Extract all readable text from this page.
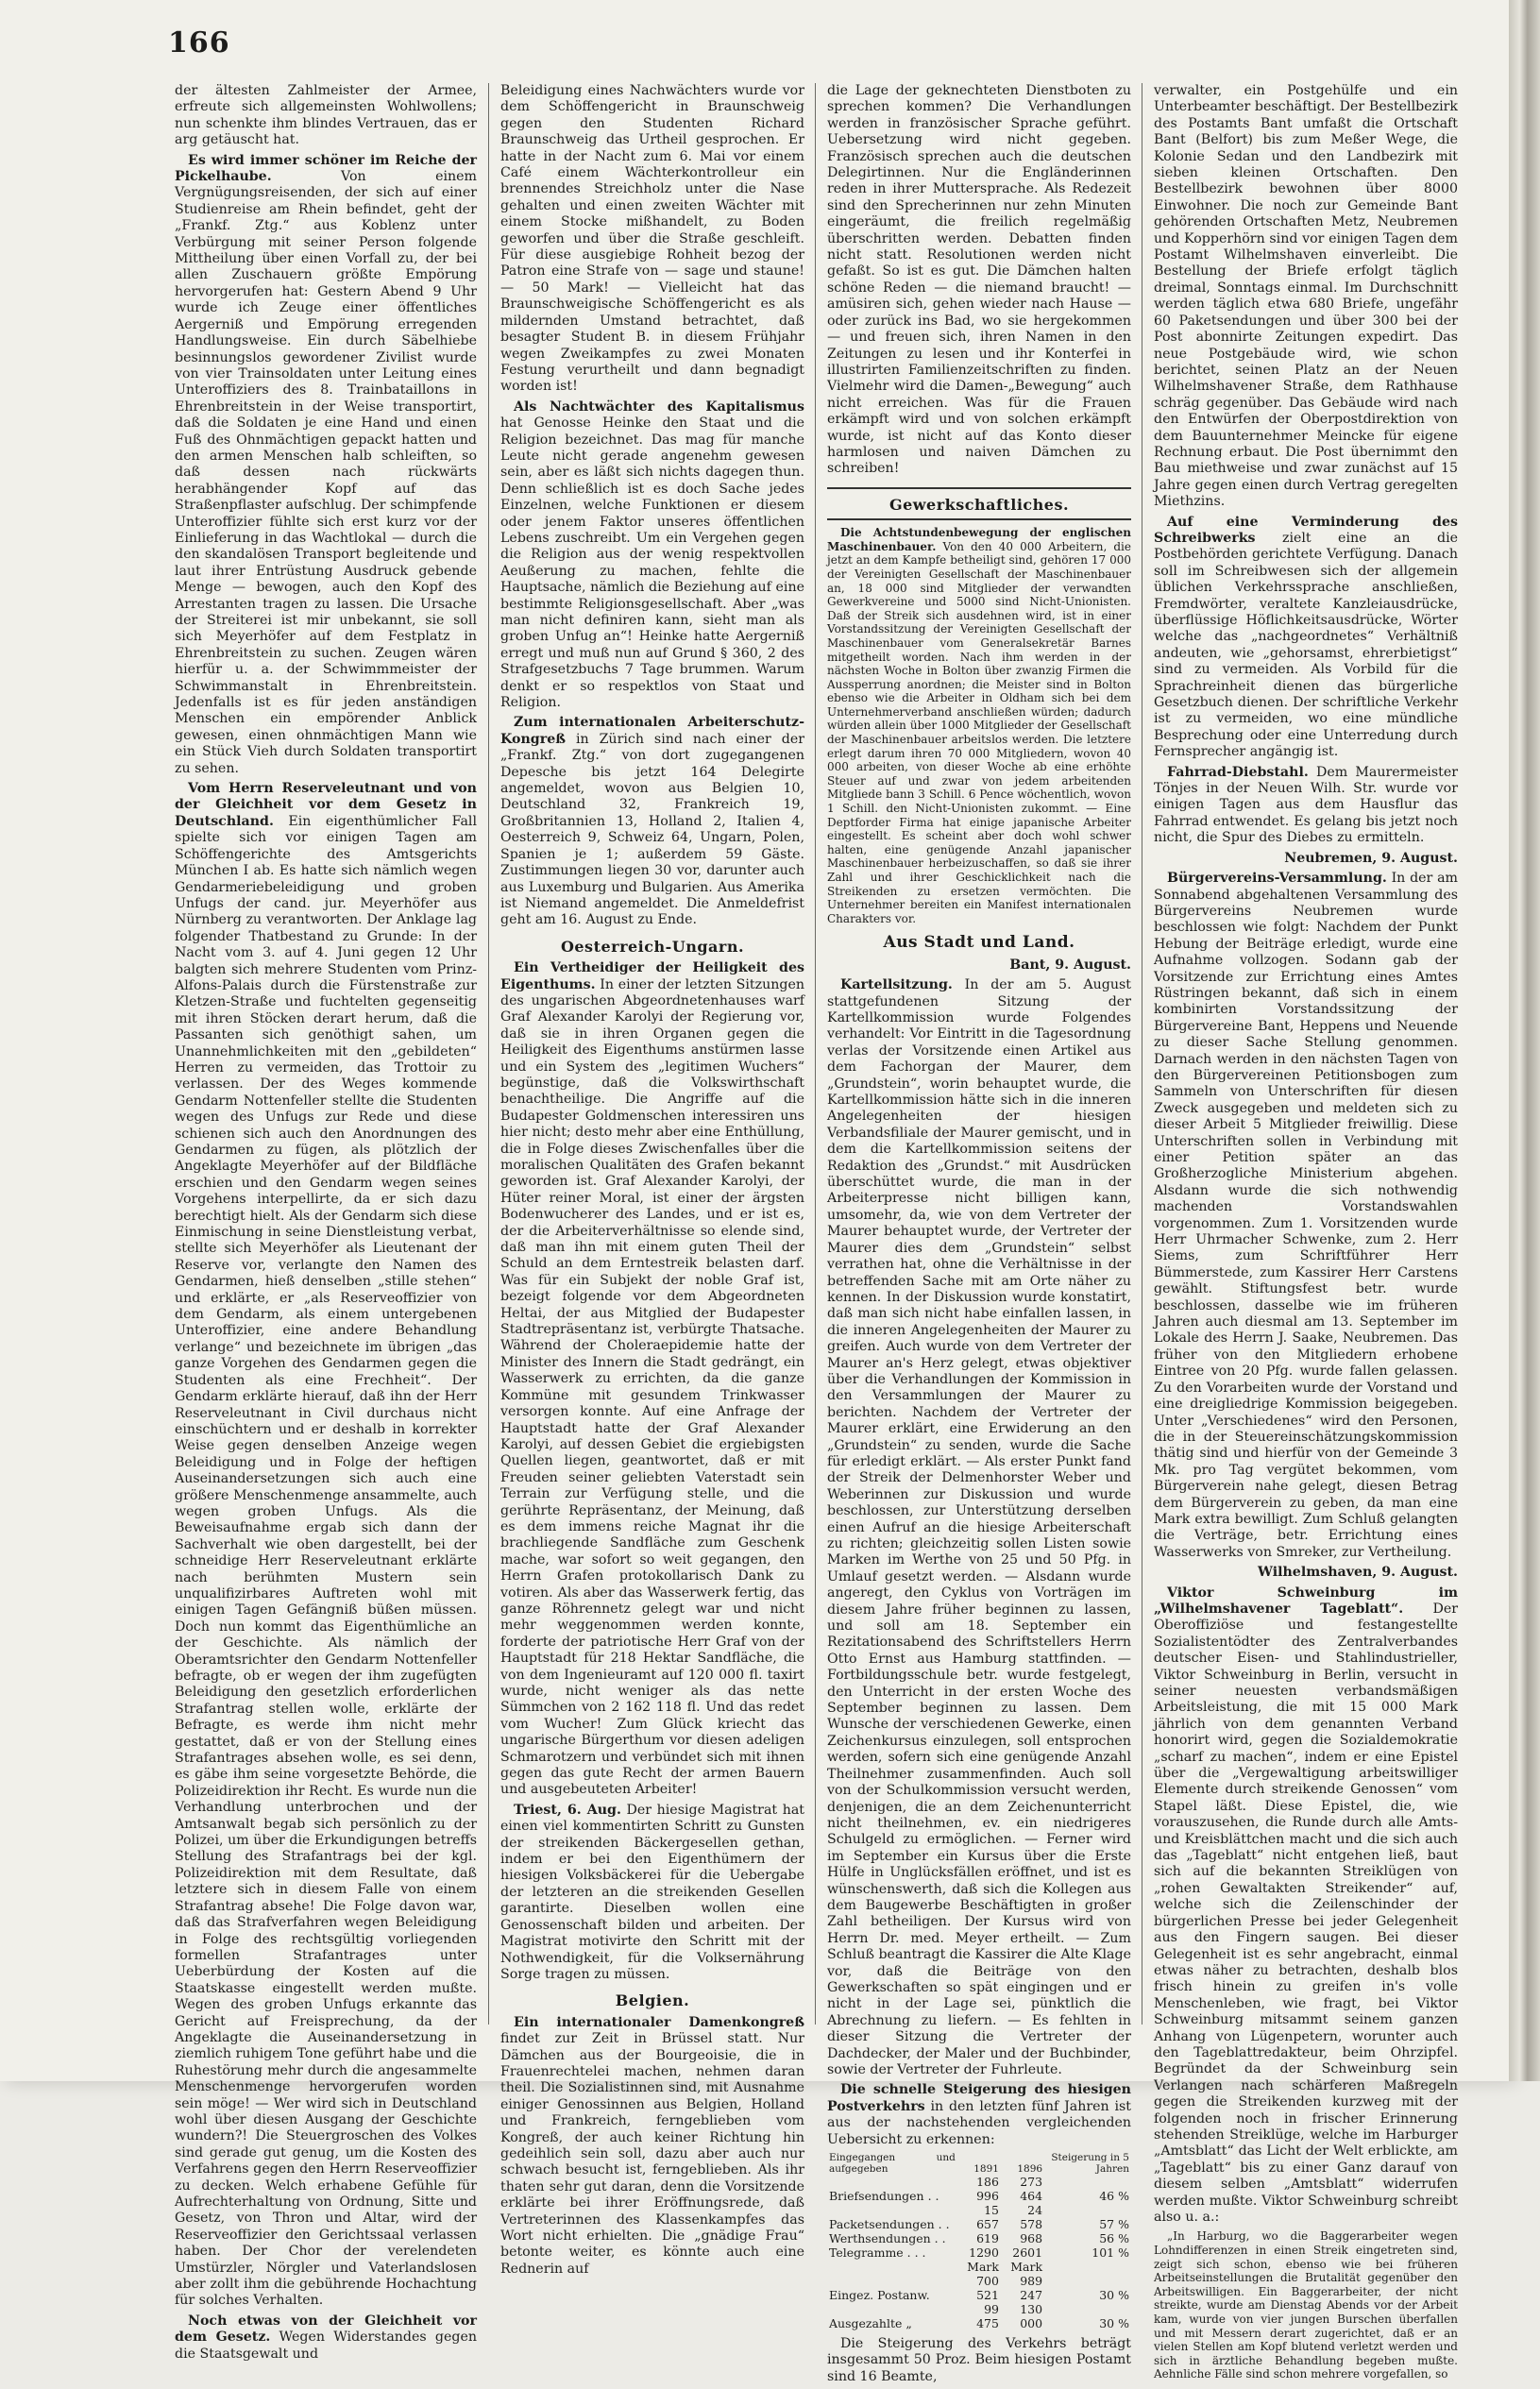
166

der ältesten Zahlmeister der Armee, erfreute sich allgemeinsten Wohlwollens; nun schenkte ihm blindes Vertrauen, das er arg getäuscht hat.

Es wird immer schöner im Reiche der Pickelhaube. Von einem Vergnügungsreisenden, der sich auf einer Studienreise am Rhein befindet, geht der „Frankf. Ztg.“ aus Koblenz unter Verbürgung mit seiner Person folgende Mittheilung über einen Vorfall zu, der bei allen Zuschauern größte Empörung hervorgerufen hat: Gestern Abend 9 Uhr wurde ich Zeuge einer öffentliches Aergerniß und Empörung erregenden Handlungsweise. Ein durch Säbelhiebe besinnungslos gewordener Zivilist wurde von vier Trainsoldaten unter Leitung eines Unteroffiziers des 8. Trainbataillons in Ehrenbreitstein in der Weise transportirt, daß die Soldaten je eine Hand und einen Fuß des Ohnmächtigen gepackt hatten und den armen Menschen halb schleiften, so daß dessen nach rückwärts herabhängender Kopf auf das Straßenpflaster aufschlug. Der schimpfende Unteroffizier fühlte sich erst kurz vor der Einlieferung in das Wachtlokal — durch die den skandalösen Transport begleitende und laut ihrer Entrüstung Ausdruck gebende Menge — bewogen, auch den Kopf des Arrestanten tragen zu lassen. Die Ursache der Streiterei ist mir unbekannt, sie soll sich Meyerhöfer auf dem Festplatz in Ehrenbreitstein zu suchen. Zeugen wären hierfür u. a. der Schwimmmeister der Schwimmanstalt in Ehrenbreitstein. Jedenfalls ist es für jeden anständigen Menschen ein empörender Anblick gewesen, einen ohnmächtigen Mann wie ein Stück Vieh durch Soldaten transportirt zu sehen.

Vom Herrn Reserveleutnant und von der Gleichheit vor dem Gesetz in Deutschland. Ein eigenthümlicher Fall spielte sich vor einigen Tagen am Schöffengerichte des Amtsgerichts München I ab. Es hatte sich nämlich wegen Gendarmeriebeleidigung und groben Unfugs der cand. jur. Meyerhöfer aus Nürnberg zu verantworten. Der Anklage lag folgender Thatbestand zu Grunde: In der Nacht vom 3. auf 4. Juni gegen 12 Uhr balgten sich mehrere Studenten vom Prinz-Alfons-Palais durch die Fürstenstraße zur Kletzen-Straße und fuchtelten gegenseitig mit ihren Stöcken derart herum, daß die Passanten sich genöthigt sahen, um Unannehmlichkeiten mit den „gebildeten“ Herren zu vermeiden, das Trottoir zu verlassen. Der des Weges kommende Gendarm Nottenfeller stellte die Studenten wegen des Unfugs zur Rede und diese schienen sich auch den Anordnungen des Gendarmen zu fügen, als plötzlich der Angeklagte Meyerhöfer auf der Bildfläche erschien und den Gendarm wegen seines Vorgehens interpellirte, da er sich dazu berechtigt hielt. Als der Gendarm sich diese Einmischung in seine Dienstleistung verbat, stellte sich Meyerhöfer als Lieutenant der Reserve vor, verlangte den Namen des Gendarmen, hieß denselben „stille stehen“ und erklärte, er „als Reserveoffizier von dem Gendarm, als einem untergebenen Unteroffizier, eine andere Behandlung verlange“ und bezeichnete im übrigen „das ganze Vorgehen des Gendarmen gegen die Studenten als eine Frechheit“. Der Gendarm erklärte hierauf, daß ihn der Herr Reserveleutnant in Civil durchaus nicht einschüchtern und er deshalb in korrekter Weise gegen denselben Anzeige wegen Beleidigung und in Folge der heftigen Auseinandersetzungen sich auch eine größere Menschenmenge ansammelte, auch wegen groben Unfugs. Als die Beweisaufnahme ergab sich dann der Sachverhalt wie oben dargestellt, bei der schneidige Herr Reserveleutnant erklärte nach berühmten Mustern sein unqualifizirbares Auftreten wohl mit einigen Tagen Gefängniß büßen müssen. Doch nun kommt das Eigenthümliche an der Geschichte. Als nämlich der Oberamtsrichter den Gendarm Nottenfeller befragte, ob er wegen der ihm zugefügten Beleidigung den gesetzlich erforderlichen Strafantrag stellen wolle, erklärte der Befragte, es werde ihm nicht mehr gestattet, daß er von der Stellung eines Strafantrages absehen wolle, es sei denn, es gäbe ihm seine vorgesetzte Behörde, die Polizeidirektion ihr Recht. Es wurde nun die Verhandlung unterbrochen und der Amtsanwalt begab sich persönlich zu der Polizei, um über die Erkundigungen betreffs Stellung des Strafantrags bei der kgl. Polizeidirektion mit dem Resultate, daß letztere sich in diesem Falle von einem Strafantrag absehe! Die Folge davon war, daß das Strafverfahren wegen Beleidigung in Folge des rechtsgültig vorliegenden formellen Strafantrages unter Ueberbürdung der Kosten auf die Staatskasse eingestellt werden mußte. Wegen des groben Unfugs erkannte das Gericht auf Freisprechung, da der Angeklagte die Auseinandersetzung in ziemlich ruhigem Tone geführt habe und die Ruhestörung mehr durch die angesammelte Menschenmenge hervorgerufen worden sein möge! — Wer wird sich in Deutschland wohl über diesen Ausgang der Geschichte wundern?! Die Steuergroschen des Volkes sind gerade gut genug, um die Kosten des Verfahrens gegen den Herrn Reserveoffizier zu decken. Welch erhabene Gefühle für Aufrechterhaltung von Ordnung, Sitte und Gesetz, von Thron und Altar, wird der Reserveoffizier den Gerichtssaal verlassen haben. Der Chor der verelendeten Umstürzler, Nörgler und Vaterlandslosen aber zollt ihm die gebührende Hochachtung für solches Verhalten.

Noch etwas von der Gleichheit vor dem Gesetz. Wegen Widerstandes gegen die Staatsgewalt und

Beleidigung eines Nachwächters wurde vor dem Schöffengericht in Braunschweig gegen den Studenten Richard Braunschweig das Urtheil gesprochen. Er hatte in der Nacht zum 6. Mai vor einem Café einem Wächterkontrolleur ein brennendes Streichholz unter die Nase gehalten und einen zweiten Wächter mit einem Stocke mißhandelt, zu Boden geworfen und über die Straße geschleift. Für diese ausgiebige Rohheit bezog der Patron eine Strafe von — sage und staune! — 50 Mark! — Vielleicht hat das Braunschweigische Schöffengericht es als mildernden Umstand betrachtet, daß besagter Student B. in diesem Frühjahr wegen Zweikampfes zu zwei Monaten Festung verurtheilt und dann begnadigt worden ist!

Als Nachtwächter des Kapitalismus hat Genosse Heinke den Staat und die Religion bezeichnet. Das mag für manche Leute nicht gerade angenehm gewesen sein, aber es läßt sich nichts dagegen thun. Denn schließlich ist es doch Sache jedes Einzelnen, welche Funktionen er diesem oder jenem Faktor unseres öffentlichen Lebens zuschreibt. Um ein Vergehen gegen die Religion aus der wenig respektvollen Aeußerung zu machen, fehlte die Hauptsache, nämlich die Beziehung auf eine bestimmte Religionsgesellschaft. Aber „was man nicht definiren kann, sieht man als groben Unfug an“! Heinke hatte Aergerniß erregt und muß nun auf Grund § 360, 2 des Strafgesetzbuchs 7 Tage brummen. Warum denkt er so respektlos von Staat und Religion.

Zum internationalen Arbeiterschutz-Kongreß in Zürich sind nach einer der „Frankf. Ztg.“ von dort zugegangenen Depesche bis jetzt 164 Delegirte angemeldet, wovon aus Belgien 10, Deutschland 32, Frankreich 19, Großbritannien 13, Holland 2, Italien 4, Oesterreich 9, Schweiz 64, Ungarn, Polen, Spanien je 1; außerdem 59 Gäste. Zustimmungen liegen 30 vor, darunter auch aus Luxemburg und Bulgarien. Aus Amerika ist Niemand angemeldet. Die Anmeldefrist geht am 16. August zu Ende.

Oesterreich-Ungarn.

Ein Vertheidiger der Heiligkeit des Eigenthums. In einer der letzten Sitzungen des ungarischen Abgeordnetenhauses warf Graf Alexander Karolyi der Regierung vor, daß sie in ihren Organen gegen die Heiligkeit des Eigenthums anstürmen lasse und ein System des „legitimen Wuchers“ begünstige, daß die Volkswirthschaft benachtheilige. Die Angriffe auf die Budapester Goldmenschen interessiren uns hier nicht; desto mehr aber eine Enthüllung, die in Folge dieses Zwischenfalles über die moralischen Qualitäten des Grafen bekannt geworden ist. Graf Alexander Karolyi, der Hüter reiner Moral, ist einer der ärgsten Bodenwucherer des Landes, und er ist es, der die Arbeiterverhältnisse so elende sind, daß man ihn mit einem guten Theil der Schuld an dem Erntestreik belasten darf. Was für ein Subjekt der noble Graf ist, bezeigt folgende vor dem Abgeordneten Heltai, der aus Mitglied der Budapester Stadtrepräsentanz ist, verbürgte Thatsache. Während der Choleraepidemie hatte der Minister des Innern die Stadt gedrängt, ein Wasserwerk zu errichten, da die ganze Kommüne mit gesundem Trinkwasser versorgen konnte. Auf eine Anfrage der Hauptstadt hatte der Graf Alexander Karolyi, auf dessen Gebiet die ergiebigsten Quellen liegen, geantwortet, daß er mit Freuden seiner geliebten Vaterstadt sein Terrain zur Verfügung stelle, und die gerührte Repräsentanz, der Meinung, daß es dem immens reiche Magnat ihr die brachliegende Sandfläche zum Geschenk mache, war sofort so weit gegangen, den Herrn Grafen protokollarisch Dank zu votiren. Als aber das Wasserwerk fertig, das ganze Röhrennetz gelegt war und nicht mehr weggenommen werden konnte, forderte der patriotische Herr Graf von der Hauptstadt für 218 Hektar Sandfläche, die von dem Ingenieuramt auf 120 000 fl. taxirt wurde, nicht weniger als das nette Sümmchen von 2 162 118 fl. Und das redet vom Wucher! Zum Glück kriecht das ungarische Bürgerthum vor diesen adeligen Schmarotzern und verbündet sich mit ihnen gegen das gute Recht der armen Bauern und ausgebeuteten Arbeiter!

Triest, 6. Aug. Der hiesige Magistrat hat einen viel kommentirten Schritt zu Gunsten der streikenden Bäckergesellen gethan, indem er bei den Eigenthümern der hiesigen Volksbäckerei für die Uebergabe der letzteren an die streikenden Gesellen garantirte. Dieselben wollen eine Genossenschaft bilden und arbeiten. Der Magistrat motivirte den Schritt mit der Nothwendigkeit, für die Volksernährung Sorge tragen zu müssen.

Belgien.

Ein internationaler Damenkongreß findet zur Zeit in Brüssel statt. Nur Dämchen aus der Bourgeoisie, die in Frauenrechtelei machen, nehmen daran theil. Die Sozialistinnen sind, mit Ausnahme einiger Genossinnen aus Belgien, Holland und Frankreich, ferngeblieben vom Kongreß, der auch keiner Richtung hin gedeihlich sein soll, dazu aber auch nur schwach besucht ist, ferngeblieben. Als ihr thaten sehr gut daran, denn die Vorsitzende erklärte bei ihrer Eröffnungsrede, daß Vertreterinnen des Klassenkampfes das Wort nicht erhielten. Die „gnädige Frau“ betonte weiter, es könnte auch eine Rednerin auf

die Lage der geknechteten Dienstboten zu sprechen kommen? Die Verhandlungen werden in französischer Sprache geführt. Uebersetzung wird nicht gegeben. Französisch sprechen auch die deutschen Delegirtinnen. Nur die Engländerinnen reden in ihrer Muttersprache. Als Redezeit sind den Sprecherinnen nur zehn Minuten eingeräumt, die freilich regelmäßig überschritten werden. Debatten finden nicht statt. Resolutionen werden nicht gefaßt. So ist es gut. Die Dämchen halten schöne Reden — die niemand braucht! — amüsiren sich, gehen wieder nach Hause — oder zurück ins Bad, wo sie hergekommen — und freuen sich, ihren Namen in den Zeitungen zu lesen und ihr Konterfei in illustrirten Familienzeitschriften zu finden. Vielmehr wird die Damen-„Bewegung“ auch nicht erreichen. Was für die Frauen erkämpft wird und von solchen erkämpft wurde, ist nicht auf das Konto dieser harmlosen und naiven Dämchen zu schreiben!

Gewerkschaftliches.

Die Achtstundenbewegung der englischen Maschinenbauer. Von den 40 000 Arbeitern, die jetzt an dem Kampfe betheiligt sind, gehören 17 000 der Vereinigten Gesellschaft der Maschinenbauer an, 18 000 sind Mitglieder der verwandten Gewerkvereine und 5000 sind Nicht-Unionisten. Daß der Streik sich ausdehnen wird, ist in einer Vorstandssitzung der Vereinigten Gesellschaft der Maschinenbauer vom Generalsekretär Barnes mitgetheilt worden. Nach ihm werden in der nächsten Woche in Bolton über zwanzig Firmen die Aussperrung anordnen; die Meister sind in Bolton ebenso wie die Arbeiter in Oldham sich bei dem Unternehmerverband anschließen würden; dadurch würden allein über 1000 Mitglieder der Gesellschaft der Maschinenbauer arbeitslos werden. Die letztere erlegt darum ihren 70 000 Mitgliedern, wovon 40 000 arbeiten, von dieser Woche ab eine erhöhte Steuer auf und zwar von jedem arbeitenden Mitgliede bann 3 Schill. 6 Pence wöchentlich, wovon 1 Schill. den Nicht-Unionisten zukommt. — Eine Deptforder Firma hat einige japanische Arbeiter eingestellt. Es scheint aber doch wohl schwer halten, eine genügende Anzahl japanischer Maschinenbauer herbeizuschaffen, so daß sie ihrer Zahl und ihrer Geschicklichkeit nach die Streikenden zu ersetzen vermöchten. Die Unternehmer bereiten ein Manifest internationalen Charakters vor.

Aus Stadt und Land.
Bant, 9. August.

Kartellsitzung. In der am 5. August stattgefundenen Sitzung der Kartellkommission wurde Folgendes verhandelt: Vor Eintritt in die Tagesordnung verlas der Vorsitzende einen Artikel aus dem Fachorgan der Maurer, dem „Grundstein“, worin behauptet wurde, die Kartellkommission hätte sich in die inneren Angelegenheiten der hiesigen Verbandsfiliale der Maurer gemischt, und in dem die Kartellkommission seitens der Redaktion des „Grundst.“ mit Ausdrücken überschüttet wurde, die man in der Arbeiterpresse nicht billigen kann, umsomehr, da, wie von dem Vertreter der Maurer behauptet wurde, der Vertreter der Maurer dies dem „Grundstein“ selbst verrathen hat, ohne die Verhältnisse in der betreffenden Sache mit am Orte näher zu kennen. In der Diskussion wurde konstatirt, daß man sich nicht habe einfallen lassen, in die inneren Angelegenheiten der Maurer zu greifen. Auch wurde von dem Vertreter der Maurer an's Herz gelegt, etwas objektiver über die Verhandlungen der Kommission in den Versammlungen der Maurer zu berichten. Nachdem der Vertreter der Maurer erklärt, eine Erwiderung an den „Grundstein“ zu senden, wurde die Sache für erledigt erklärt. — Als erster Punkt fand der Streik der Delmenhorster Weber und Weberinnen zur Diskussion und wurde beschlossen, zur Unterstützung derselben einen Aufruf an die hiesige Arbeiterschaft zu richten; gleichzeitig sollen Listen sowie Marken im Werthe von 25 und 50 Pfg. in Umlauf gesetzt werden. — Alsdann wurde angeregt, den Cyklus von Vorträgen im diesem Jahre früher beginnen zu lassen, und soll am 18. September ein Rezitationsabend des Schriftstellers Herrn Otto Ernst aus Hamburg stattfinden. — Fortbildungsschule betr. wurde festgelegt, den Unterricht in der ersten Woche des September beginnen zu lassen. Dem Wunsche der verschiedenen Gewerke, einen Zeichenkursus einzulegen, soll entsprochen werden, sofern sich eine genügende Anzahl Theilnehmer zusammenfinden. Auch soll von der Schulkommission versucht werden, denjenigen, die an dem Zeichenunterricht nicht theilnehmen, ev. ein niedrigeres Schulgeld zu ermöglichen. — Ferner wird im September ein Kursus über die Erste Hülfe in Unglücksfällen eröffnet, und ist es wünschenswerth, daß sich die Kollegen aus dem Baugewerbe Beschäftigten in großer Zahl betheiligen. Der Kursus wird von Herrn Dr. med. Meyer ertheilt. — Zum Schluß beantragt die Kassirer die Alte Klage vor, daß die Beiträge von den Gewerkschaften so spät eingingen und er nicht in der Lage sei, pünktlich die Abrechnung zu liefern. — Es fehlten in dieser Sitzung die Vertreter der Dachdecker, der Maler und der Buchbinder, sowie der Vertreter der Fuhrleute.

Die schnelle Steigerung des hiesigen Postverkehrs in den letzten fünf Jahren ist aus der nachstehenden vergleichenden Uebersicht zu erkennen:

Eingegangen und aufgegeben	1891	1896	Steigerung in 5 Jahren
Briefsendungen . .	186 996	273 464	46 %
Packetsendungen . .	15 657	24 578	57 %
Werthsendungen . .	619	968	56 %
Telegramme . . .	1290	2601	101 %
	Mark	Mark	
Eingez. Postanw.	700 521	989 247	30 %
Ausgezahlte „	99 475	130 000	30 %

Die Steigerung des Verkehrs beträgt insgesammt 50 Proz. Beim hiesigen Postamt sind 16 Beamte,

verwalter, ein Postgehülfe und ein Unterbeamter beschäftigt. Der Bestellbezirk des Postamts Bant umfaßt die Ortschaft Bant (Belfort) bis zum Meßer Wege, die Kolonie Sedan und den Landbezirk mit sieben kleinen Ortschaften. Den Bestellbezirk bewohnen über 8000 Einwohner. Die noch zur Gemeinde Bant gehörenden Ortschaften Metz, Neubremen und Kopperhörn sind vor einigen Tagen dem Postamt Wilhelmshaven einverleibt. Die Bestellung der Briefe erfolgt täglich dreimal, Sonntags einmal. Im Durchschnitt werden täglich etwa 680 Briefe, ungefähr 60 Paketsendungen und über 300 bei der Post abonnirte Zeitungen expedirt. Das neue Postgebäude wird, wie schon berichtet, seinen Platz an der Neuen Wilhelmshavener Straße, dem Rathhause schräg gegenüber. Das Gebäude wird nach den Entwürfen der Oberpostdirektion von dem Bauunternehmer Meincke für eigene Rechnung erbaut. Die Post übernimmt den Bau miethweise und zwar zunächst auf 15 Jahre gegen einen durch Vertrag geregelten Miethzins.

Auf eine Verminderung des Schreibwerks zielt eine an die Postbehörden gerichtete Verfügung. Danach soll im Schreibwesen sich der allgemein üblichen Verkehrssprache anschließen, Fremdwörter, veraltete Kanzleiausdrücke, überflüssige Höflichkeitsausdrücke, Wörter welche das „nachgeordnetes“ Verhältniß andeuten, wie „gehorsamst, ehrerbietigst“ sind zu vermeiden. Als Vorbild für die Sprachreinheit dienen das bürgerliche Gesetzbuch dienen. Der schriftliche Verkehr ist zu vermeiden, wo eine mündliche Besprechung oder eine Unterredung durch Fernsprecher angängig ist.

Fahrrad-Diebstahl. Dem Maurermeister Tönjes in der Neuen Wilh. Str. wurde vor einigen Tagen aus dem Hausflur das Fahrrad entwendet. Es gelang bis jetzt noch nicht, die Spur des Diebes zu ermitteln.

Neubremen, 9. August.

Bürgervereins-Versammlung. In der am Sonnabend abgehaltenen Versammlung des Bürgervereins Neubremen wurde beschlossen wie folgt: Nachdem der Punkt Hebung der Beiträge erledigt, wurde eine Aufnahme vollzogen. Sodann gab der Vorsitzende zur Errichtung eines Amtes Rüstringen bekannt, daß sich in einem kombinirten Vorstandssitzung der Bürgervereine Bant, Heppens und Neuende zu dieser Sache Stellung genommen. Darnach werden in den nächsten Tagen von den Bürgervereinen Petitionsbogen zum Sammeln von Unterschriften für diesen Zweck ausgegeben und meldeten sich zu dieser Arbeit 5 Mitglieder freiwillig. Diese Unterschriften sollen in Verbindung mit einer Petition später an das Großherzogliche Ministerium abgehen. Alsdann wurde die sich nothwendig machenden Vorstandswahlen vorgenommen. Zum 1. Vorsitzenden wurde Herr Uhrmacher Schwenke, zum 2. Herr Siems, zum Schriftführer Herr Bümmerstede, zum Kassirer Herr Carstens gewählt. Stiftungsfest betr. wurde beschlossen, dasselbe wie im früheren Jahren auch diesmal am 13. September im Lokale des Herrn J. Saake, Neubremen. Das früher von den Mitgliedern erhobene Eintree von 20 Pfg. wurde fallen gelassen. Zu den Vorarbeiten wurde der Vorstand und eine dreigliedrige Kommission beigegeben. Unter „Verschiedenes“ wird den Personen, die in der Steuereinschätzungskommission thätig sind und hierfür von der Gemeinde 3 Mk. pro Tag vergütet bekommen, vom Bürgerverein nahe gelegt, diesen Betrag dem Bürgerverein zu geben, da man eine Mark extra bewilligt. Zum Schluß gelangten die Verträge, betr. Errichtung eines Wasserwerks von Smreker, zur Vertheilung.

Wilhelmshaven, 9. August.

Viktor Schweinburg im „Wilhelmshavener Tageblatt“. Der Oberoffiziöse und festangestellte Sozialistentödter des Zentralverbandes deutscher Eisen- und Stahlindustrieller, Viktor Schweinburg in Berlin, versucht in seiner neuesten verbandsmäßigen Arbeitsleistung, die mit 15 000 Mark jährlich von dem genannten Verband honorirt wird, gegen die Sozialdemokratie „scharf zu machen“, indem er eine Epistel über die „Vergewaltigung arbeitswilliger Elemente durch streikende Genossen“ vom Stapel läßt. Diese Epistel, die, wie vorauszusehen, die Runde durch alle Amts- und Kreisblättchen macht und die sich auch das „Tageblatt“ nicht entgehen ließ, baut sich auf die bekannten Streiklügen von „rohen Gewaltakten Streikender“ auf, welche sich die Zeilenschinder der bürgerlichen Presse bei jeder Gelegenheit aus den Fingern saugen. Bei dieser Gelegenheit ist es sehr angebracht, einmal etwas näher zu betrachten, deshalb blos frisch hinein zu greifen in's volle Menschenleben, wie fragt, bei Viktor Schweinburg mitsammt seinem ganzen Anhang von Lügenpetern, worunter auch den Tageblattredakteur, beim Ohrzipfel. Begründet da der Schweinburg sein Verlangen nach schärferen Maßregeln gegen die Streikenden kurzweg mit der folgenden noch in frischer Erinnerung stehenden Streiklüge, welche im Harburger „Amtsblatt“ das Licht der Welt erblickte, am „Tageblatt“ bis zu einer Ganz darauf von diesem selben „Amtsblatt“ widerrufen werden mußte. Viktor Schweinburg schreibt also u. a.:

„In Harburg, wo die Baggerarbeiter wegen Lohndifferenzen in einen Streik eingetreten sind, zeigt sich schon, ebenso wie bei früheren Arbeitseinstellungen die Brutalität gegenüber den Arbeitswilligen. Ein Baggerarbeiter, der nicht streikte, wurde am Dienstag Abends vor der Arbeit kam, wurde von vier jungen Burschen überfallen und mit Messern derart zugerichtet, daß er an vielen Stellen am Kopf blutend verletzt werden und sich in ärztliche Behandlung begeben mußte. Aehnliche Fälle sind schon mehrere vorgefallen, so
